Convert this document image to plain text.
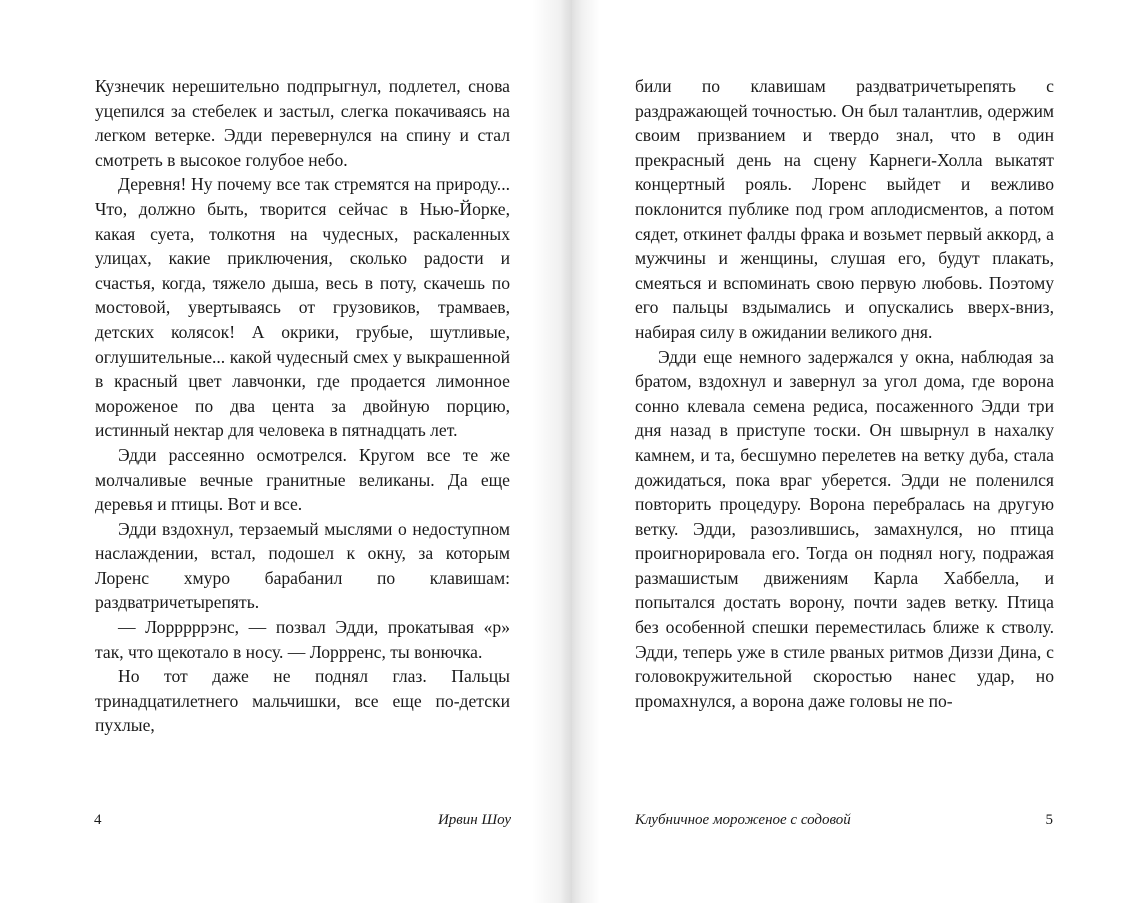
Кузнечик нерешительно подпрыгнул, подлетел, снова уцепился за стебелек и застыл, слегка покачиваясь на легком ветерке. Эдди перевернулся на спину и стал смотреть в высокое голубое небо.

Деревня! Ну почему все так стремятся на природу... Что, должно быть, творится сейчас в Нью-Йорке, какая суета, толкотня на чудесных, раскаленных улицах, какие приключения, сколько радости и счастья, когда, тяжело дыша, весь в поту, скачешь по мостовой, увертываясь от грузовиков, трамваев, детских колясок! А окрики, грубые, шутливые, оглушительные... какой чудесный смех у выкрашенной в красный цвет лавчонки, где продается лимонное мороженое по два цента за двойную порцию, истинный нектар для человека в пятнадцать лет.

Эдди рассеянно осмотрелся. Кругом все те же молчаливые вечные гранитные великаны. Да еще деревья и птицы. Вот и все.

Эдди вздохнул, терзаемый мыслями о недоступном наслаждении, встал, подошел к окну, за которым Лоренс хмуро барабанил по клавишам: раздватричетырепять.

— Лорррррэнс, — позвал Эдди, прокатывая «р» так, что щекотало в носу. — Лоррренс, ты вонючка.

Но тот даже не поднял глаз. Пальцы тринадцатилетнего мальчишки, все еще по-детски пухлые,

4	Ирвин Шоу

били по клавишам раздватричетырепять с раздражающей точностью. Он был талантлив, одержим своим призванием и твердо знал, что в один прекрасный день на сцену Карнеги-Холла выкатят концертный рояль. Лоренс выйдет и вежливо поклонится публике под гром аплодисментов, а потом сядет, откинет фалды фрака и возьмет первый аккорд, а мужчины и женщины, слушая его, будут плакать, смеяться и вспоминать свою первую любовь. Поэтому его пальцы вздымались и опускались вверх-вниз, набирая силу в ожидании великого дня.

Эдди еще немного задержался у окна, наблюдая за братом, вздохнул и завернул за угол дома, где ворона сонно клевала семена редиса, посаженного Эдди три дня назад в приступе тоски. Он швырнул в нахалку камнем, и та, бесшумно перелетев на ветку дуба, стала дожидаться, пока враг уберется. Эдди не поленился повторить процедуру. Ворона перебралась на другую ветку. Эдди, разозлившись, замахнулся, но птица проигнорировала его. Тогда он поднял ногу, подражая размашистым движениям Карла Хаббелла, и попытался достать ворону, почти задев ветку. Птица без особенной спешки переместилась ближе к стволу. Эдди, теперь уже в стиле рваных ритмов Диззи Дина, с головокружительной скоростью нанес удар, но промахнулся, а ворона даже головы не по-

Клубничное мороженое с содовой	5
